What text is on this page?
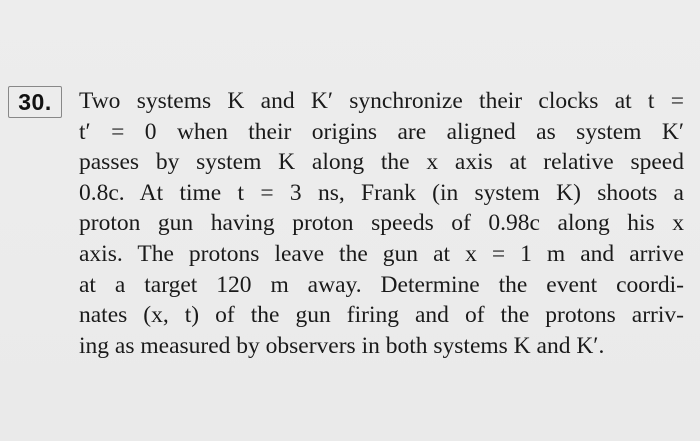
30.	Two systems K and K′ synchronize their clocks at t =
t′ = 0 when their origins are aligned as system K′
passes by system K along the x axis at relative speed
0.8c. At time t = 3 ns, Frank (in system K) shoots a
proton gun having proton speeds of 0.98c along his x
axis. The protons leave the gun at x = 1 m and arrive
at a target 120 m away. Determine the event coordi-
nates (x, t) of the gun firing and of the protons arriv-
ing as measured by observers in both systems K and K′.
